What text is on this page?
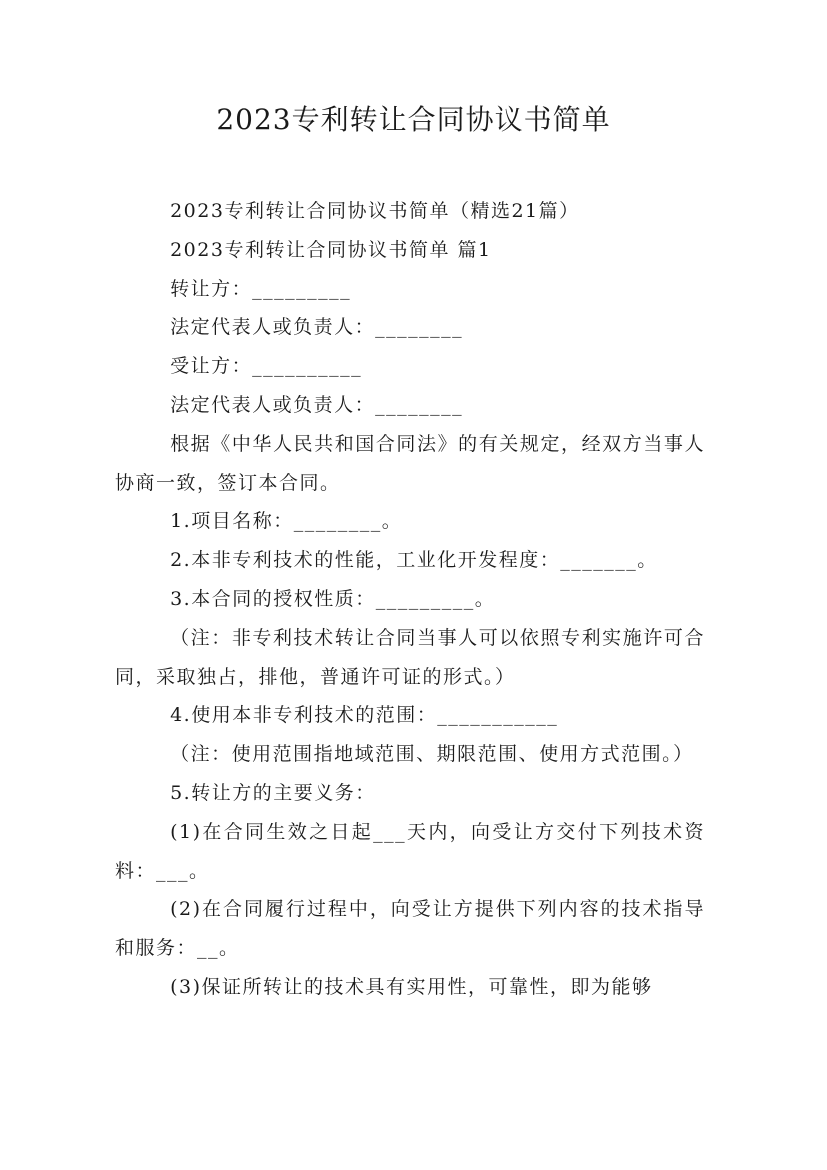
2023专利转让合同协议书简单

2023专利转让合同协议书简单（精选21篇）

2023专利转让合同协议书简单 篇1

转让方：_________

法定代表人或负责人：________

受让方：__________

法定代表人或负责人：________

根据《中华人民共和国合同法》的有关规定，经双方当事人协商一致，签订本合同。

1.项目名称：________。

2.本非专利技术的性能，工业化开发程度：_______。

3.本合同的授权性质：_________。

（注：非专利技术转让合同当事人可以依照专利实施许可合同，采取独占，排他，普通许可证的形式。）

4.使用本非专利技术的范围：___________

（注：使用范围指地域范围、期限范围、使用方式范围。）

5.转让方的主要义务：

(1)在合同生效之日起___天内，向受让方交付下列技术资料：___。

(2)在合同履行过程中，向受让方提供下列内容的技术指导和服务：__。

(3)保证所转让的技术具有实用性，可靠性，即为能够
